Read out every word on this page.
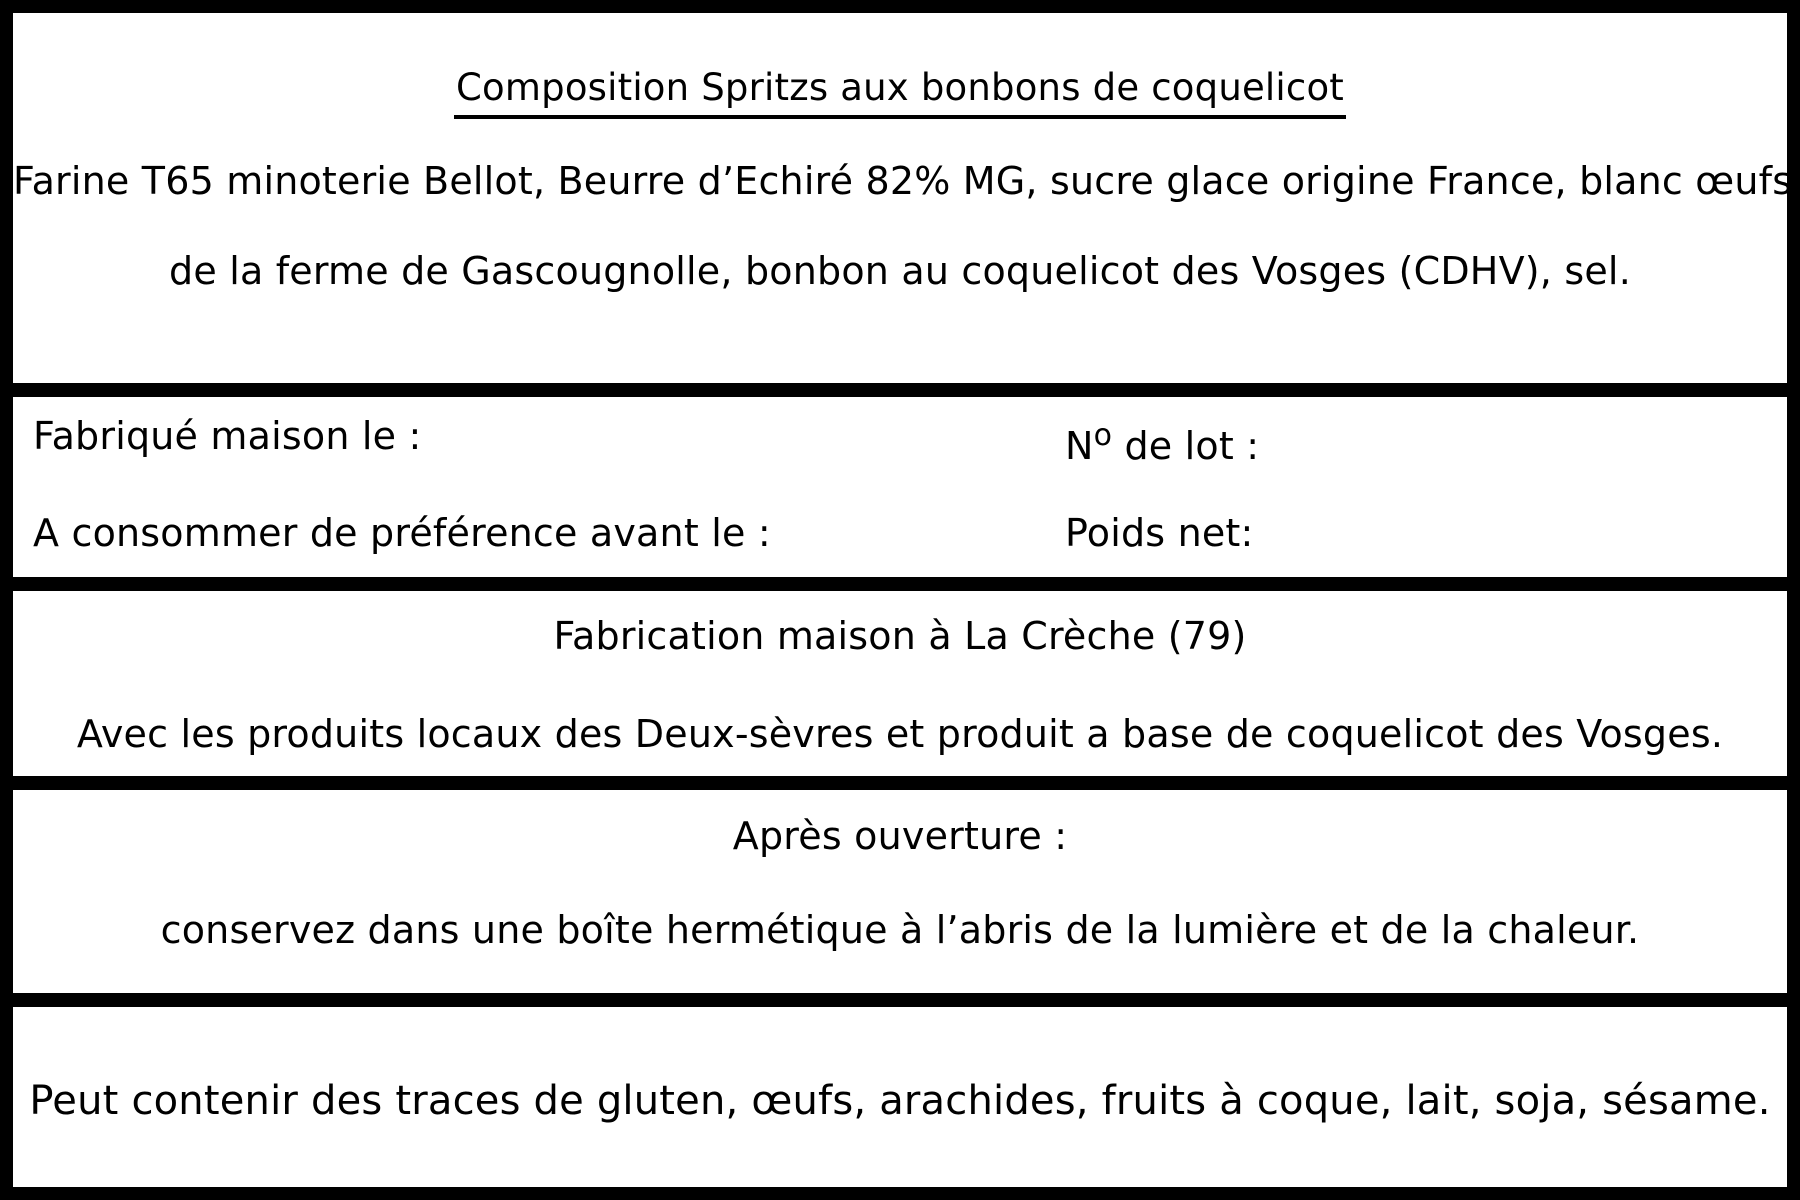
Composition Spritzs aux bonbons de coquelicot
Farine T65 minoterie Bellot, Beurre d’Echiré 82% MG, sucre glace origine France, blanc œufs
de la ferme de Gascougnolle, bonbon au coquelicot des Vosges (CDHV), sel.
Fabriqué maison le :
A consommer de préférence avant le :
$N^o$ de lot :
Poids net:
Fabrication maison à La Crèche (79)
Avec les produits locaux des Deux-sèvres et produit a base de coquelicot des Vosges.
Après ouverture :
conservez dans une boîte hermétique à l’abris de la lumière et de la chaleur.
Peut contenir des traces de gluten, œufs, arachides, fruits à coque, lait, soja, sésame.
